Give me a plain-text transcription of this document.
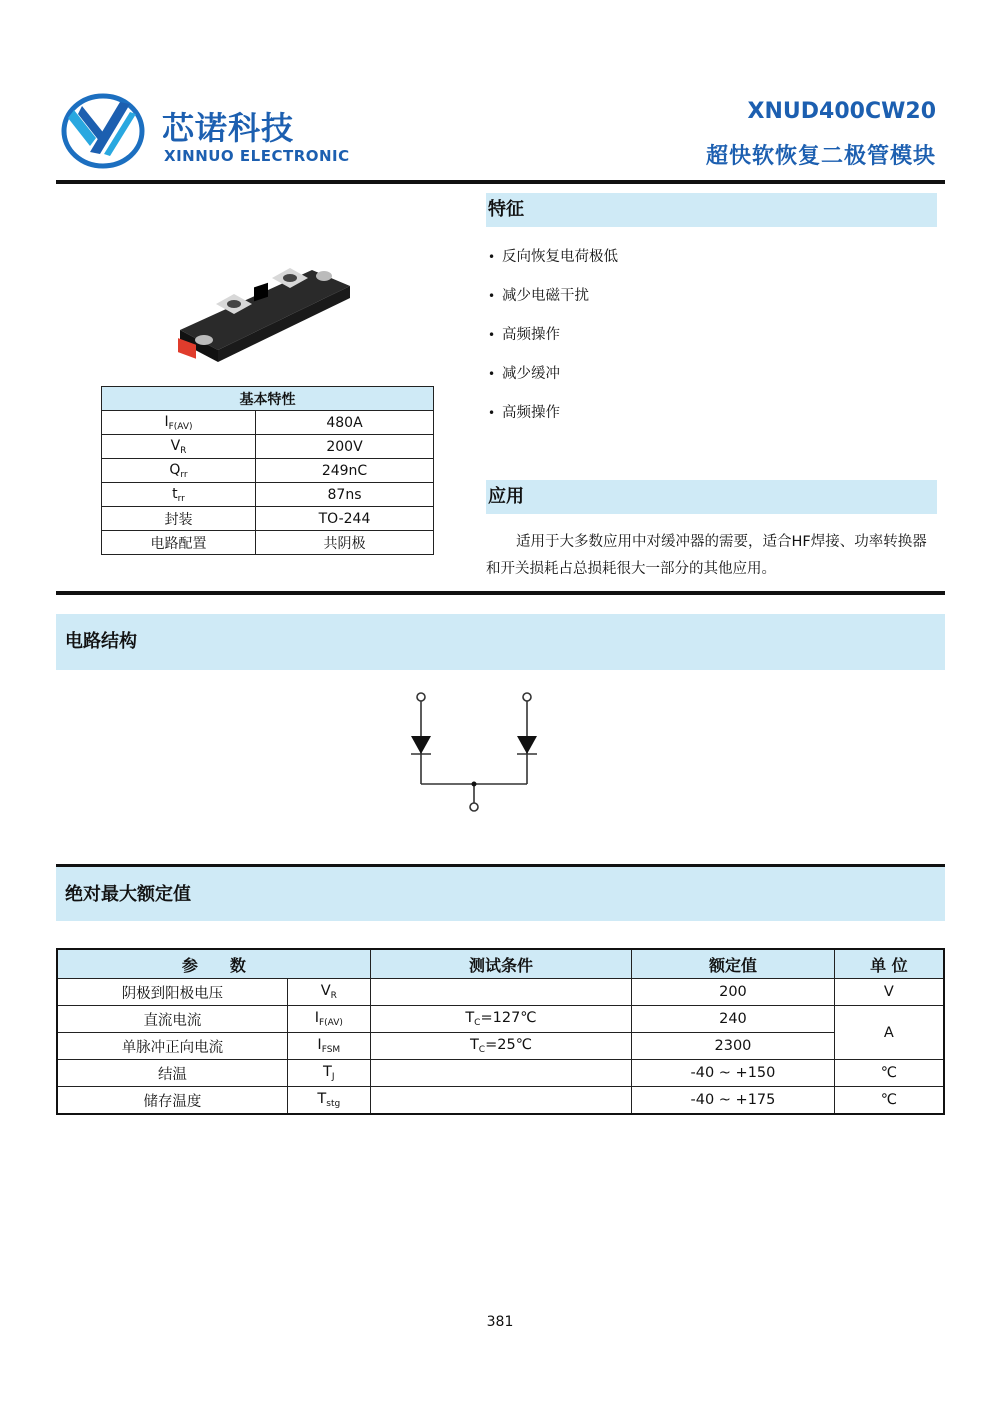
芯诺科技
XINNUO ELECTRONIC
XNUD400CW20
超快软恢复二极管模块
基本特性	
$I_{F(AV)}$	480A
$V_R$	200V
$Q_{rr}$	249nC
$t_{rr}$	87ns
封装	TO-244
电路配置	共阴极
特征
• 反向恢复电荷极低
• 减少电磁干扰
• 高频操作
• 减少缓冲
• 高频操作
应用
适用于大多数应用中对缓冲器的需要，适合HF焊接、功率转换器和开关损耗占总损耗很大一部分的其他应用。
电路结构
绝对最大额定值
参　　数		测试条件	额定值	单 位
阴极到阳极电压	$V_R$		200	V
直流电流	$I_{F(AV)}$	$T_C=127℃$	240	A
单脉冲正向电流	$I_{FSM}$	$T_C=25℃$	2300	
结温	$T_J$		-40 ~ +150	℃
储存温度	$T_{stg}$		-40 ~ +175	℃
381
